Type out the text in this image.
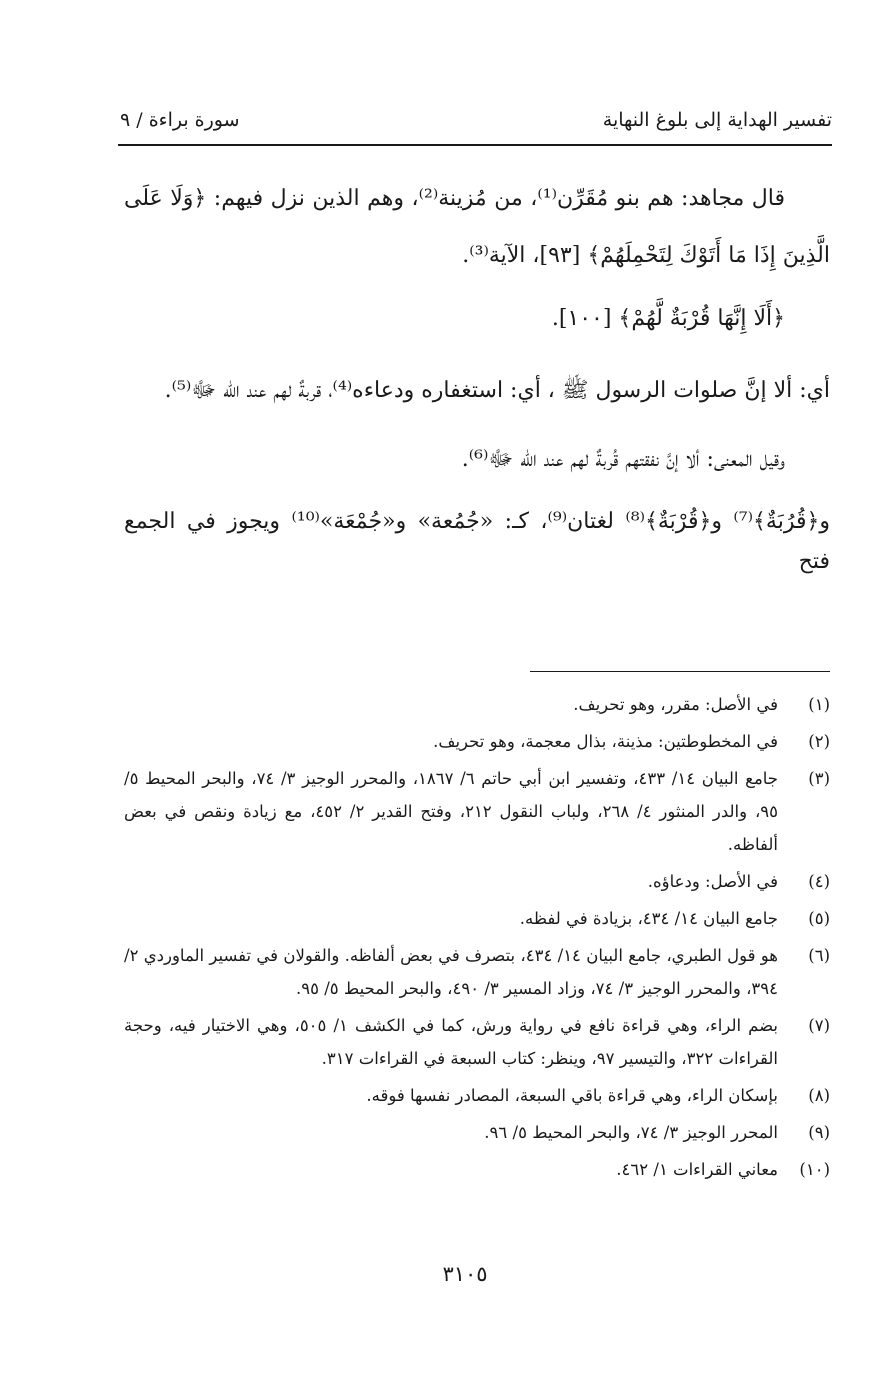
تفسير الهداية إلى بلوغ النهاية
سورة براءة / ٩

قال مجاهد: هم بنو مُقَرِّن⁽¹⁾، من مُزينة⁽²⁾، وهم الذين نزل فيهم: ﴿وَلَا عَلَى الَّذِينَ إِذَا مَا أَتَوْكَ لِتَحْمِلَهُمْ﴾ [٩٣]، الآية⁽³⁾.

﴿أَلَا إِنَّهَا قُرْبَةٌ لَّهُمْ﴾ [١٠٠].

أي: ألا إنَّ صلوات الرسول ﷺ ، أي: استغفاره ودعاءه⁽⁴⁾، قربةٌ لهم عند الله ﷻ⁽⁵⁾.

وقيل المعنى: ألا إنَّ نفقتهم قُربةٌ لهم عند الله ﷻ⁽⁶⁾.

و﴿قُرُبَةٌ﴾⁽⁷⁾ و﴿قُرْبَةٌ﴾⁽⁸⁾ لغتان⁽⁹⁾، كـ: «جُمُعة» و«جُمْعَة»⁽¹⁰⁾ ويجوز في الجمع فتح

(١)
في الأصل: مقرر، وهو تحريف.
(٢)
في المخطوطتين: مذينة، بذال معجمة، وهو تحريف.
(٣)
جامع البيان ١٤/ ٤٣٣، وتفسير ابن أبي حاتم ٦/ ١٨٦٧، والمحرر الوجيز ٣/ ٧٤، والبحر المحيط ٥/ ٩٥، والدر المنثور ٤/ ٢٦٨، ولباب النقول ٢١٢، وفتح القدير ٢/ ٤٥٢، مع زيادة ونقص في بعض ألفاظه.
(٤)
في الأصل: ودعاؤه.
(٥)
جامع البيان ١٤/ ٤٣٤، بزيادة في لفظه.
(٦)
هو قول الطبري، جامع البيان ١٤/ ٤٣٤، بتصرف في بعض ألفاظه. والقولان في تفسير الماوردي ٢/ ٣٩٤، والمحرر الوجيز ٣/ ٧٤، وزاد المسير ٣/ ٤٩٠، والبحر المحيط ٥/ ٩٥.
(٧)
بضم الراء، وهي قراءة نافع في رواية ورش، كما في الكشف ١/ ٥٠٥، وهي الاختيار فيه، وحجة القراءات ٣٢٢، والتيسير ٩٧، وينظر: كتاب السبعة في القراءات ٣١٧.
(٨)
بإسكان الراء، وهي قراءة باقي السبعة، المصادر نفسها فوقه.
(٩)
المحرر الوجيز ٣/ ٧٤، والبحر المحيط ٥/ ٩٦.
(١٠)
معاني القراءات ١/ ٤٦٢.
٣١٠٥
